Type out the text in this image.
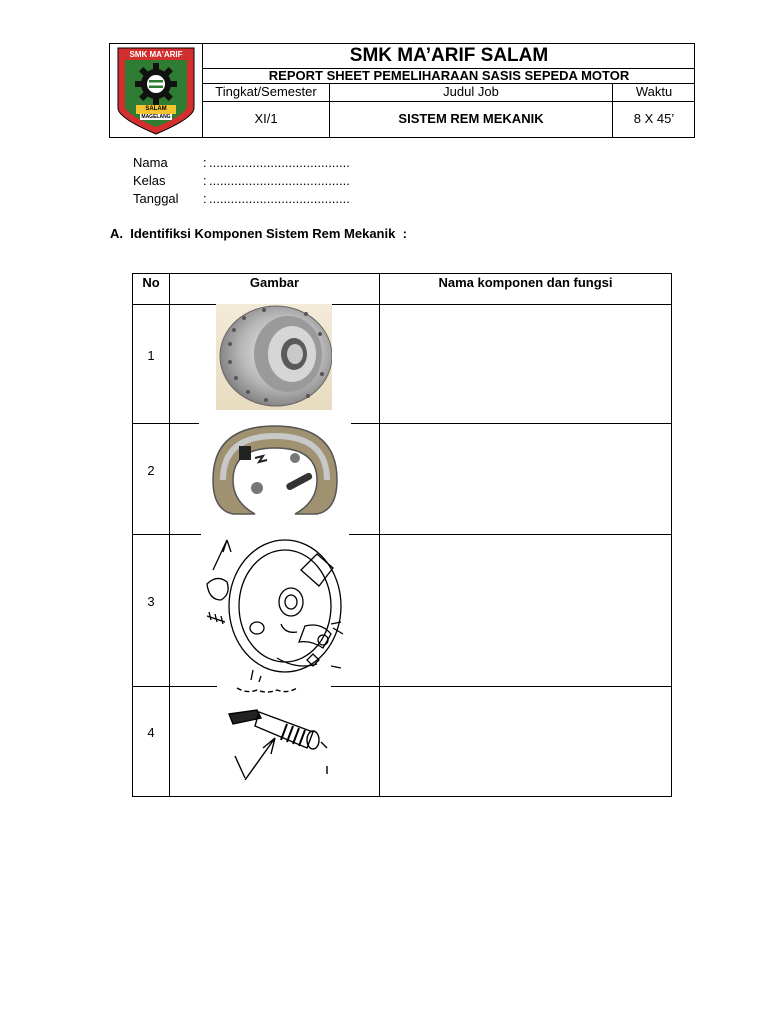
SMK MA'ARIF
SALAM
MAGELANG
SMK MA’ARIF SALAM
REPORT SHEET PEMELIHARAAN SASIS SEPEDA MOTOR
Tingkat/Semester	Judul Job	Waktu
XI/1	SISTEM REM MEKANIK	8 X 45’
Nama	: .......................................
Kelas	: .......................................
Tanggal	: .......................................
A.  Identifiksi Komponen Sistem Rem Mekanik  :
No	Gambar	Nama komponen dan fungsi
1
2
3
4
